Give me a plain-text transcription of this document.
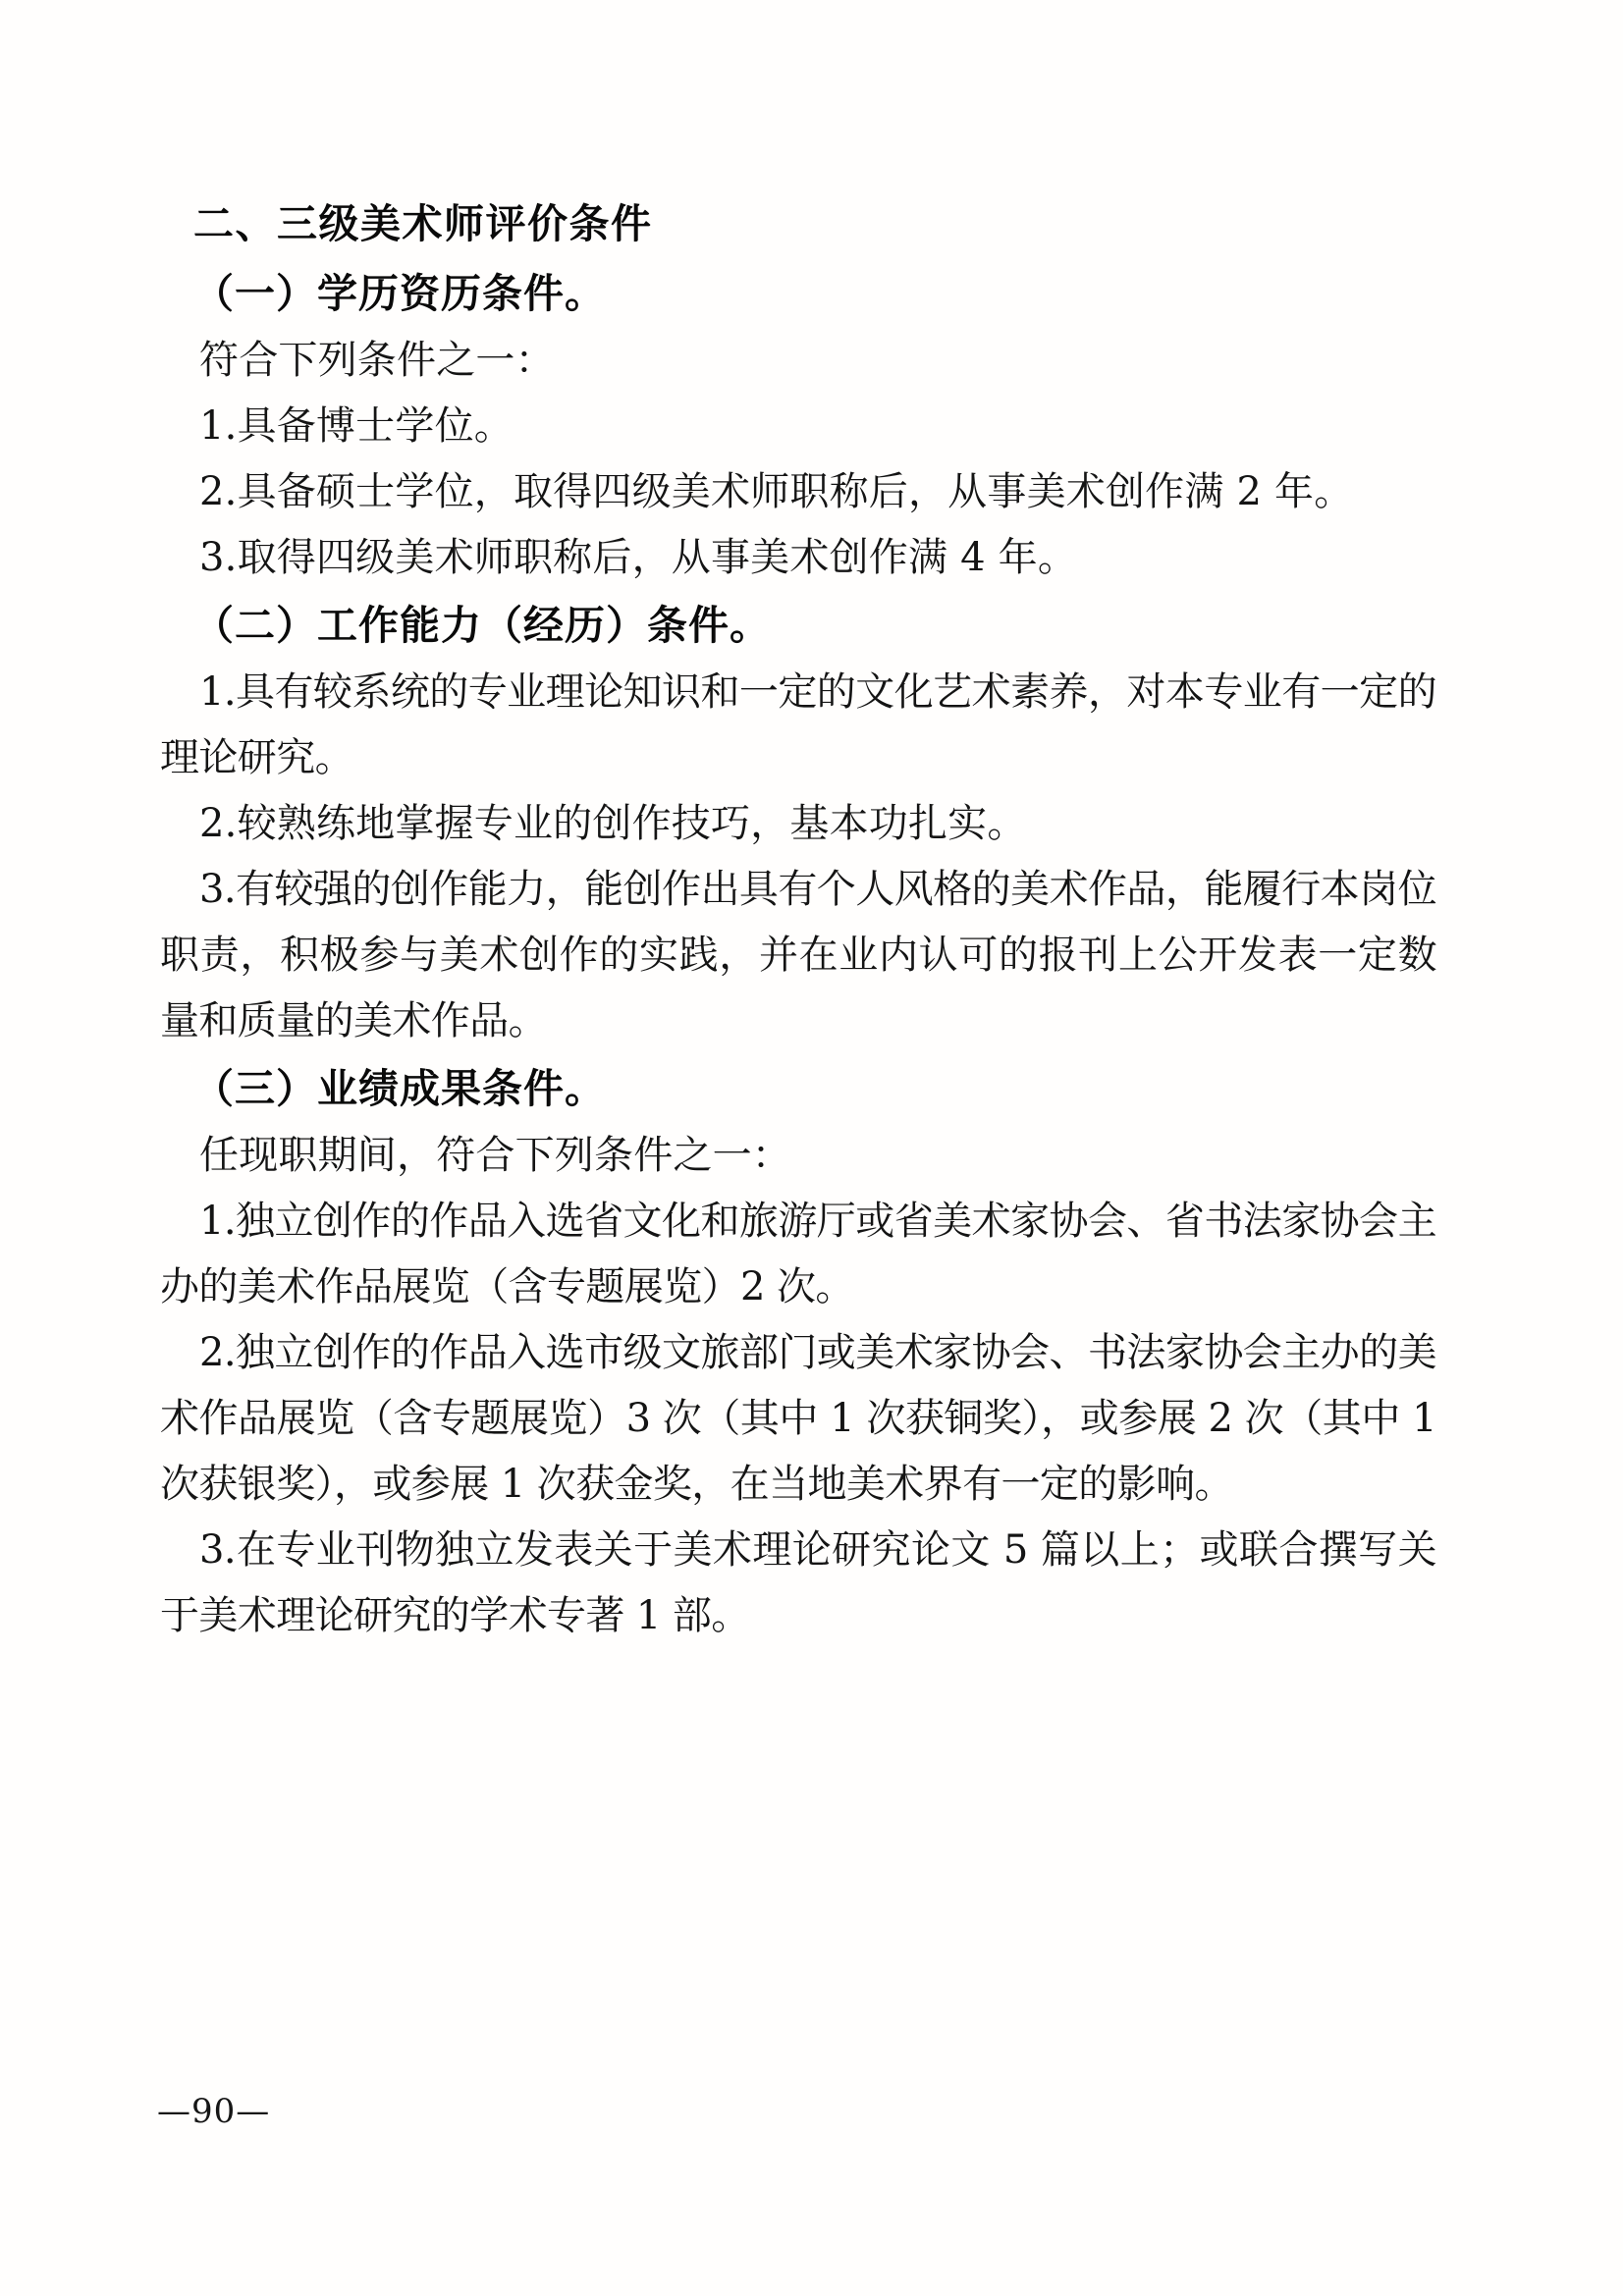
二、三级美术师评价条件
（一）学历资历条件。

符合下列条件之一：

1.具备博士学位。

2.具备硕士学位，取得四级美术师职称后，从事美术创作满 2 年。

3.取得四级美术师职称后，从事美术创作满 4 年。

（二）工作能力（经历）条件。

1.具有较系统的专业理论知识和一定的文化艺术素养，对本专业有一定的理论研究。

2.较熟练地掌握专业的创作技巧，基本功扎实。

3.有较强的创作能力，能创作出具有个人风格的美术作品，能履行本岗位职责，积极参与美术创作的实践，并在业内认可的报刊上公开发表一定数量和质量的美术作品。

（三）业绩成果条件。

任现职期间，符合下列条件之一：

1.独立创作的作品入选省文化和旅游厅或省美术家协会、省书法家协会主办的美术作品展览（含专题展览）2 次。

2.独立创作的作品入选市级文旅部门或美术家协会、书法家协会主办的美术作品展览（含专题展览）3 次（其中 1 次获铜奖），或参展 2 次（其中 1 次获银奖），或参展 1 次获金奖，在当地美术界有一定的影响。

3.在专业刊物独立发表关于美术理论研究论文 5 篇以上；或联合撰写关于美术理论研究的学术专著 1 部。

—90—
